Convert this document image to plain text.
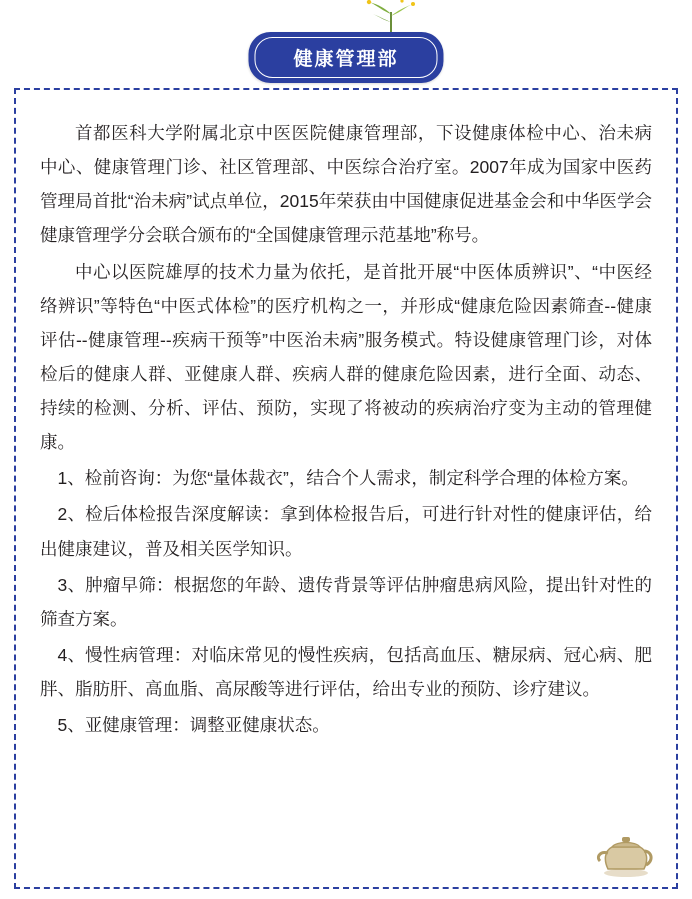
健康管理部

首都医科大学附属北京中医医院健康管理部，下设健康体检中心、治未病中心、健康管理门诊、社区管理部、中医综合治疗室。2007年成为国家中医药管理局首批“治未病”试点单位，2015年荣获由中国健康促进基金会和中华医学会健康管理学分会联合颁布的“全国健康管理示范基地”称号。

中心以医院雄厚的技术力量为依托，是首批开展“中医体质辨识”、“中医经络辨识”等特色“中医式体检”的医疗机构之一，并形成“健康危险因素筛查--健康评估--健康管理--疾病干预等”中医治未病”服务模式。特设健康管理门诊，对体检后的健康人群、亚健康人群、疾病人群的健康危险因素，进行全面、动态、持续的检测、分析、评估、预防，实现了将被动的疾病治疗变为主动的管理健康。

1、检前咨询：为您“量体裁衣”，结合个人需求，制定科学合理的体检方案。

2、检后体检报告深度解读：拿到体检报告后，可进行针对性的健康评估，给出健康建议，普及相关医学知识。

3、肿瘤早筛：根据您的年龄、遗传背景等评估肿瘤患病风险，提出针对性的筛查方案。

4、慢性病管理：对临床常见的慢性疾病，包括高血压、糖尿病、冠心病、肥胖、脂肪肝、高血脂、高尿酸等进行评估，给出专业的预防、诊疗建议。

5、亚健康管理：调整亚健康状态。
